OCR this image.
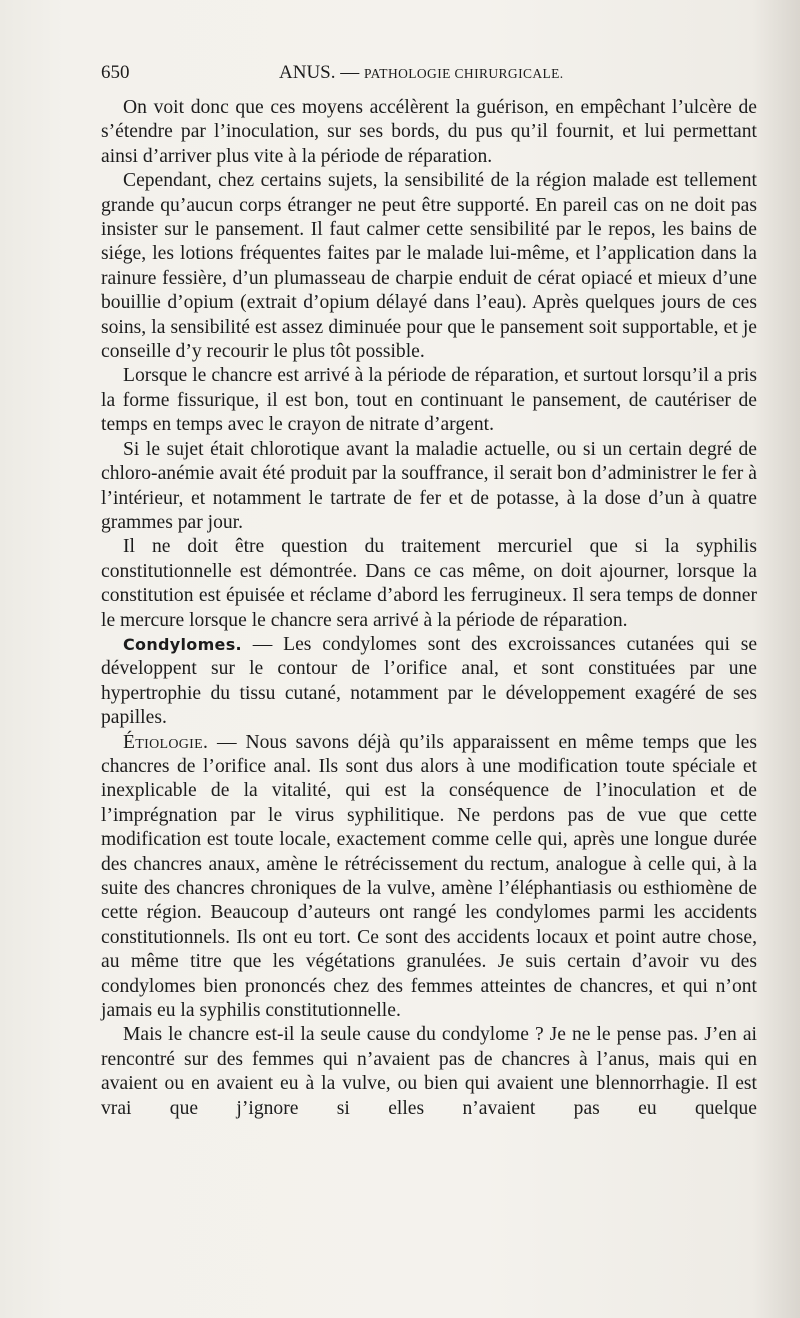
650	ANUS. — PATHOLOGIE CHIRURGICALE.

On voit donc que ces moyens accélèrent la guérison, en empêchant l’ulcère de s’étendre par l’inoculation, sur ses bords, du pus qu’il fournit, et lui permettant ainsi d’arriver plus vite à la période de réparation.

Cependant, chez certains sujets, la sensibilité de la région malade est tellement grande qu’aucun corps étranger ne peut être supporté. En pareil cas on ne doit pas insister sur le pansement. Il faut calmer cette sensibilité par le repos, les bains de siége, les lotions fréquentes faites par le malade lui-même, et l’application dans la rainure fessière, d’un plumasseau de charpie enduit de cérat opiacé et mieux d’une bouillie d’opium (extrait d’opium délayé dans l’eau). Après quelques jours de ces soins, la sensibilité est assez diminuée pour que le pansement soit supportable, et je conseille d’y recourir le plus tôt possible.

Lorsque le chancre est arrivé à la période de réparation, et surtout lorsqu’il a pris la forme fissurique, il est bon, tout en continuant le pansement, de cautériser de temps en temps avec le crayon de nitrate d’argent.

Si le sujet était chlorotique avant la maladie actuelle, ou si un certain degré de chloro-anémie avait été produit par la souffrance, il serait bon d’administrer le fer à l’intérieur, et notamment le tartrate de fer et de potasse, à la dose d’un à quatre grammes par jour.

Il ne doit être question du traitement mercuriel que si la syphilis constitutionnelle est démontrée. Dans ce cas même, on doit ajourner, lorsque la constitution est épuisée et réclame d’abord les ferrugineux. Il sera temps de donner le mercure lorsque le chancre sera arrivé à la période de réparation.

Condylomes. — Les condylomes sont des excroissances cutanées qui se développent sur le contour de l’orifice anal, et sont constituées par une hypertrophie du tissu cutané, notamment par le développement exagéré de ses papilles.

Étiologie. — Nous savons déjà qu’ils apparaissent en même temps que les chancres de l’orifice anal. Ils sont dus alors à une modification toute spéciale et inexplicable de la vitalité, qui est la conséquence de l’inoculation et de l’imprégnation par le virus syphilitique. Ne perdons pas de vue que cette modification est toute locale, exactement comme celle qui, après une longue durée des chancres anaux, amène le rétrécissement du rectum, analogue à celle qui, à la suite des chancres chroniques de la vulve, amène l’éléphantiasis ou esthiomène de cette région. Beaucoup d’auteurs ont rangé les condylomes parmi les accidents constitutionnels. Ils ont eu tort. Ce sont des accidents locaux et point autre chose, au même titre que les végétations granulées. Je suis certain d’avoir vu des condylomes bien prononcés chez des femmes atteintes de chancres, et qui n’ont jamais eu la syphilis constitutionnelle.

Mais le chancre est-il la seule cause du condylome ? Je ne le pense pas. J’en ai rencontré sur des femmes qui n’avaient pas de chancres à l’anus, mais qui en avaient ou en avaient eu à la vulve, ou bien qui avaient une blennorrhagie. Il est vrai que j’ignore si elles n’avaient pas eu quelque
